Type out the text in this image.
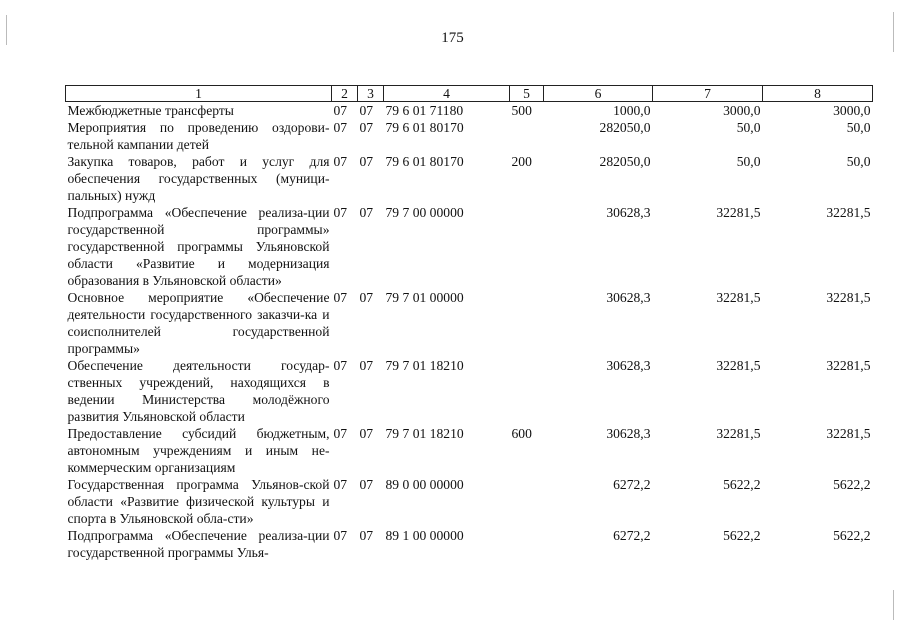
175
1	2	3	4	5	6	7	8
Межбюджетные трансферты	07	07	79 6 01 71180	500	1000,0	3000,0	3000,0
Мероприятия по проведению оздорови-тельной кампании детей	07	07	79 6 01 80170		282050,0	50,0	50,0
Закупка товаров, работ и услуг для обеспечения государственных (муници-пальных) нужд	07	07	79 6 01 80170	200	282050,0	50,0	50,0
Подпрограмма «Обеспечение реализа-ции государственной программы» государственной программы Ульяновской области «Развитие и модернизация образования в Ульяновской области»	07	07	79 7 00 00000		30628,3	32281,5	32281,5
Основное мероприятие «Обеспечение деятельности государственного заказчи-ка и соисполнителей государственной программы»	07	07	79 7 01 00000		30628,3	32281,5	32281,5
Обеспечение деятельности государ-ственных учреждений, находящихся в ведении Министерства молодёжного развития Ульяновской области	07	07	79 7 01 18210		30628,3	32281,5	32281,5
Предоставление субсидий бюджетным, автономным учреждениям и иным не-коммерческим организациям	07	07	79 7 01 18210	600	30628,3	32281,5	32281,5
Государственная программа Ульянов-ской области «Развитие физической культуры и спорта в Ульяновской обла-сти»	07	07	89 0 00 00000		6272,2	5622,2	5622,2
Подпрограмма «Обеспечение реализа-ции государственной программы Улья-	07	07	89 1 00 00000		6272,2	5622,2	5622,2
